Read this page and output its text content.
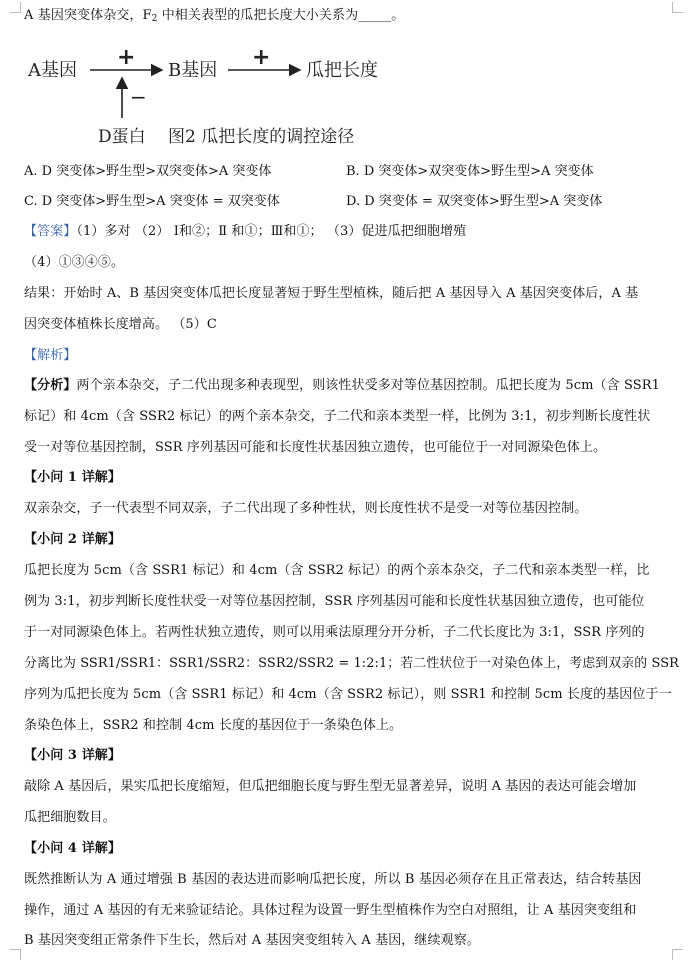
A 基因突变体杂交，$F_2$ 中相关表型的瓜把长度大小关系为_____。
A基因
+
B基因
+
瓜把长度
−
D蛋白 图2 瓜把长度的调控途径
A. D 突变体>野生型>双突变体>A 突变体	B. D 突变体>双突变体>野生型>A 突变体
C. D 突变体>野生型>A 突变体 = 双突变体	D. D 突变体 = 双突变体>野生型>A 突变体
【答案】（1）多对 （2） Ⅰ和②；Ⅱ 和①；Ⅲ和①； （3）促进瓜把细胞增殖
（4）①③④⑤。
结果：开始时 A、B 基因突变体瓜把长度显著短于野生型植株，随后把 A 基因导入 A 基因突变体后，A 基
因突变体植株长度增高。 （5）C
【解析】
【分析】两个亲本杂交，子二代出现多种表现型，则该性状受多对等位基因控制。瓜把长度为 5cm（含 SSR1
标记）和 4cm（含 SSR2 标记）的两个亲本杂交，子二代和亲本类型一样，比例为 3:1，初步判断长度性状
受一对等位基因控制，SSR 序列基因可能和长度性状基因独立遗传，也可能位于一对同源染色体上。
【小问 1 详解】
双亲杂交，子一代表型不同双亲，子二代出现了多种性状，则长度性状不是受一对等位基因控制。
【小问 2 详解】
瓜把长度为 5cm（含 SSR1 标记）和 4cm（含 SSR2 标记）的两个亲本杂交，子二代和亲本类型一样，比
例为 3:1，初步判断长度性状受一对等位基因控制，SSR 序列基因可能和长度性状基因独立遗传，也可能位
于一对同源染色体上。若两性状独立遗传，则可以用乘法原理分开分析，子二代长度比为 3:1，SSR 序列的
分离比为 SSR1/SSR1：SSR1/SSR2：SSR2/SSR2 = 1:2:1；若二性状位于一对染色体上，考虑到双亲的 SSR
序列为瓜把长度为 5cm（含 SSR1 标记）和 4cm（含 SSR2 标记），则 SSR1 和控制 5cm 长度的基因位于一
条染色体上，SSR2 和控制 4cm 长度的基因位于一条染色体上。
【小问 3 详解】
敲除 A 基因后，果实瓜把长度缩短，但瓜把细胞长度与野生型无显著差异，说明 A 基因的表达可能会增加
瓜把细胞数目。
【小问 4 详解】
既然推断认为 A 通过增强 B 基因的表达进而影响瓜把长度，所以 B 基因必须存在且正常表达，结合转基因
操作，通过 A 基因的有无来验证结论。具体过程为设置一野生型植株作为空白对照组，让 A 基因突变组和
B 基因突变组正常条件下生长，然后对 A 基因突变组转入 A 基因，继续观察。
